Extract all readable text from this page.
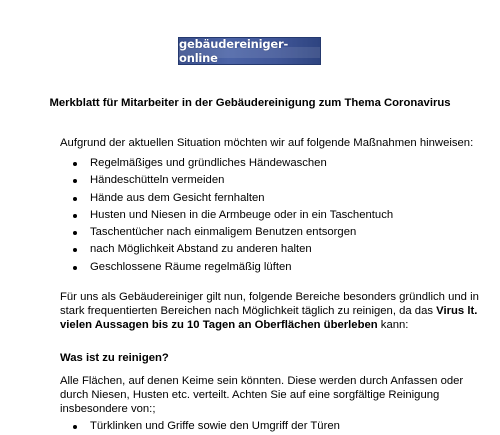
gebäudereiniger-online
Merkblatt für Mitarbeiter in der Gebäudereinigung zum Thema Coronavirus
Aufgrund der aktuellen Situation möchten wir auf folgende Maßnahmen hinweisen:
Regelmäßiges und gründliches Händewaschen
Händeschütteln vermeiden
Hände aus dem Gesicht fernhalten
Husten und Niesen in die Armbeuge oder in ein Taschentuch
Taschentücher nach einmaligem Benutzen entsorgen
nach Möglichkeit Abstand zu anderen halten
Geschlossene Räume regelmäßig lüften
Für uns als Gebäudereiniger gilt nun, folgende Bereiche besonders gründlich und in
stark frequentierten Bereichen nach Möglichkeit täglich zu reinigen, da das Virus lt.
vielen Aussagen bis zu 10 Tagen an Oberflächen überleben kann:
Was ist zu reinigen?
Alle Flächen, auf denen Keime sein könnten. Diese werden durch Anfassen oder
durch Niesen, Husten etc. verteilt. Achten Sie auf eine sorgfältige Reinigung
insbesondere von:;
Türklinken und Griffe sowie den Umgriff der Türen
